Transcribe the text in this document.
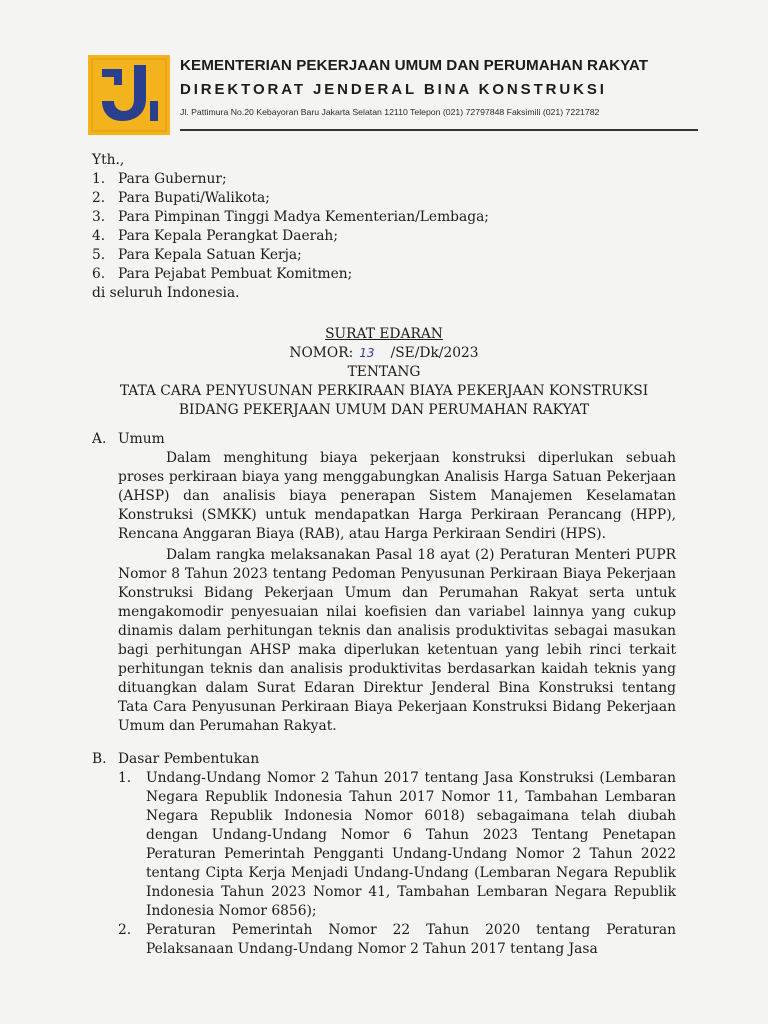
KEMENTERIAN PEKERJAAN UMUM DAN PERUMAHAN RAKYAT
DIREKTORAT JENDERAL BINA KONSTRUKSI
Jl. Pattimura No.20 Kebayoran Baru Jakarta Selatan 12110 Telepon (021) 72797848 Faksimili (021) 7221782
Yth.,
1. Para Gubernur;
2. Para Bupati/Walikota;
3. Para Pimpinan Tinggi Madya Kementerian/Lembaga;
4. Para Kepala Perangkat Daerah;
5. Para Kepala Satuan Kerja;
6. Para Pejabat Pembuat Komitmen;
di seluruh Indonesia.
SURAT EDARAN
NOMOR: 13 /SE/Dk/2023
TENTANG
TATA CARA PENYUSUNAN PERKIRAAN BIAYA PEKERJAAN KONSTRUKSI
BIDANG PEKERJAAN UMUM DAN PERUMAHAN RAKYAT
A. Umum
Dalam menghitung biaya pekerjaan konstruksi diperlukan sebuah proses perkiraan biaya yang menggabungkan Analisis Harga Satuan Pekerjaan (AHSP) dan analisis biaya penerapan Sistem Manajemen Keselamatan Konstruksi (SMKK) untuk mendapatkan Harga Perkiraan Perancang (HPP), Rencana Anggaran Biaya (RAB), atau Harga Perkiraan Sendiri (HPS).
Dalam rangka melaksanakan Pasal 18 ayat (2) Peraturan Menteri PUPR Nomor 8 Tahun 2023 tentang Pedoman Penyusunan Perkiraan Biaya Pekerjaan Konstruksi Bidang Pekerjaan Umum dan Perumahan Rakyat serta untuk mengakomodir penyesuaian nilai koefisien dan variabel lainnya yang cukup dinamis dalam perhitungan teknis dan analisis produktivitas sebagai masukan bagi perhitungan AHSP maka diperlukan ketentuan yang lebih rinci terkait perhitungan teknis dan analisis produktivitas berdasarkan kaidah teknis yang dituangkan dalam Surat Edaran Direktur Jenderal Bina Konstruksi tentang Tata Cara Penyusunan Perkiraan Biaya Pekerjaan Konstruksi Bidang Pekerjaan Umum dan Perumahan Rakyat.
B. Dasar Pembentukan
1.	Undang-Undang Nomor 2 Tahun 2017 tentang Jasa Konstruksi (Lembaran Negara Republik Indonesia Tahun 2017 Nomor 11, Tambahan Lembaran Negara Republik Indonesia Nomor 6018) sebagaimana telah diubah dengan Undang-Undang Nomor 6 Tahun 2023 Tentang Penetapan Peraturan Pemerintah Pengganti Undang-Undang Nomor 2 Tahun 2022 tentang Cipta Kerja Menjadi Undang-Undang (Lembaran Negara Republik Indonesia Tahun 2023 Nomor 41, Tambahan Lembaran Negara Republik Indonesia Nomor 6856);
2.	Peraturan Pemerintah Nomor 22 Tahun 2020 tentang Peraturan Pelaksanaan Undang-Undang Nomor 2 Tahun 2017 tentang Jasa
